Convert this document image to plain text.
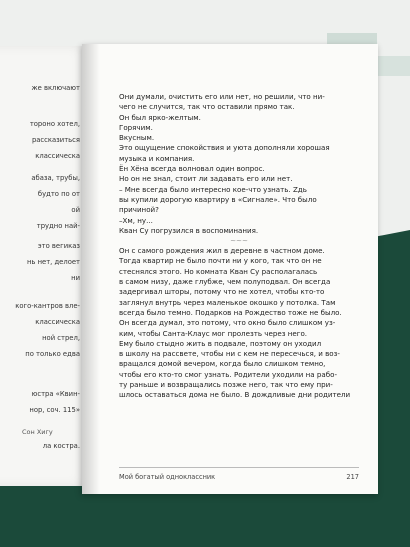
же включают
тороно хотел,
рассказиться
классическа
абаза, трубы,
будто по от
ой
трудно най-
это вегиказ
нь нет, делоет
ни
кого-кантров вле-
классическа
ной стрел,
по только едва
юстра «Квин-
нор, соч. 115»
ла костра.
Сон Хигу
Они думали, очистить его или нет, но решили, что ни-
чего не случится, так что оставили прямо так.
Он был ярко-желтым.
Горячим.
Вкусным.
Это ощущение спокойствия и уюта дополняли хорошая
музыка и компания.
Ён Хёна всегда волновал один вопрос.
Но он не знал, стоит ли задавать его или нет.
– Мне всегда было интересно кое-что узнать. Zдь
вы купили дорогую квартиру в «Сигнале». Что было
причиной?
–Хм, ну...
Кван Су погрузился в воспоминания.
~~~
Он с самого рождения жил в деревне в частном доме.
Тогда квартир не было почти ни у кого, так что он не
стеснялся этого. Но комната Кван Су располагалась
в самом низу, даже глубже, чем полуподвал. Он всегда
задергивал шторы, потому что не хотел, чтобы кто-то
заглянул внутрь через маленькое окошко у потолка. Там
всегда было темно. Подарков на Рождество тоже не было.
Он всегда думал, это потому, что окно было слишком уз-
ким, чтобы Санта-Клаус мог пролезть через него.
Ему было стыдно жить в подвале, поэтому он уходил
в школу на рассвете, чтобы ни с кем не пересечься, и воз-
вращался домой вечером, когда было слишком темно,
чтобы его кто-то смог узнать. Родители уходили на рабо-
ту раньше и возвращались позже него, так что ему при-
шлось оставаться дома не было. В дождливые дни родители
Мой богатый одноклассник	217
